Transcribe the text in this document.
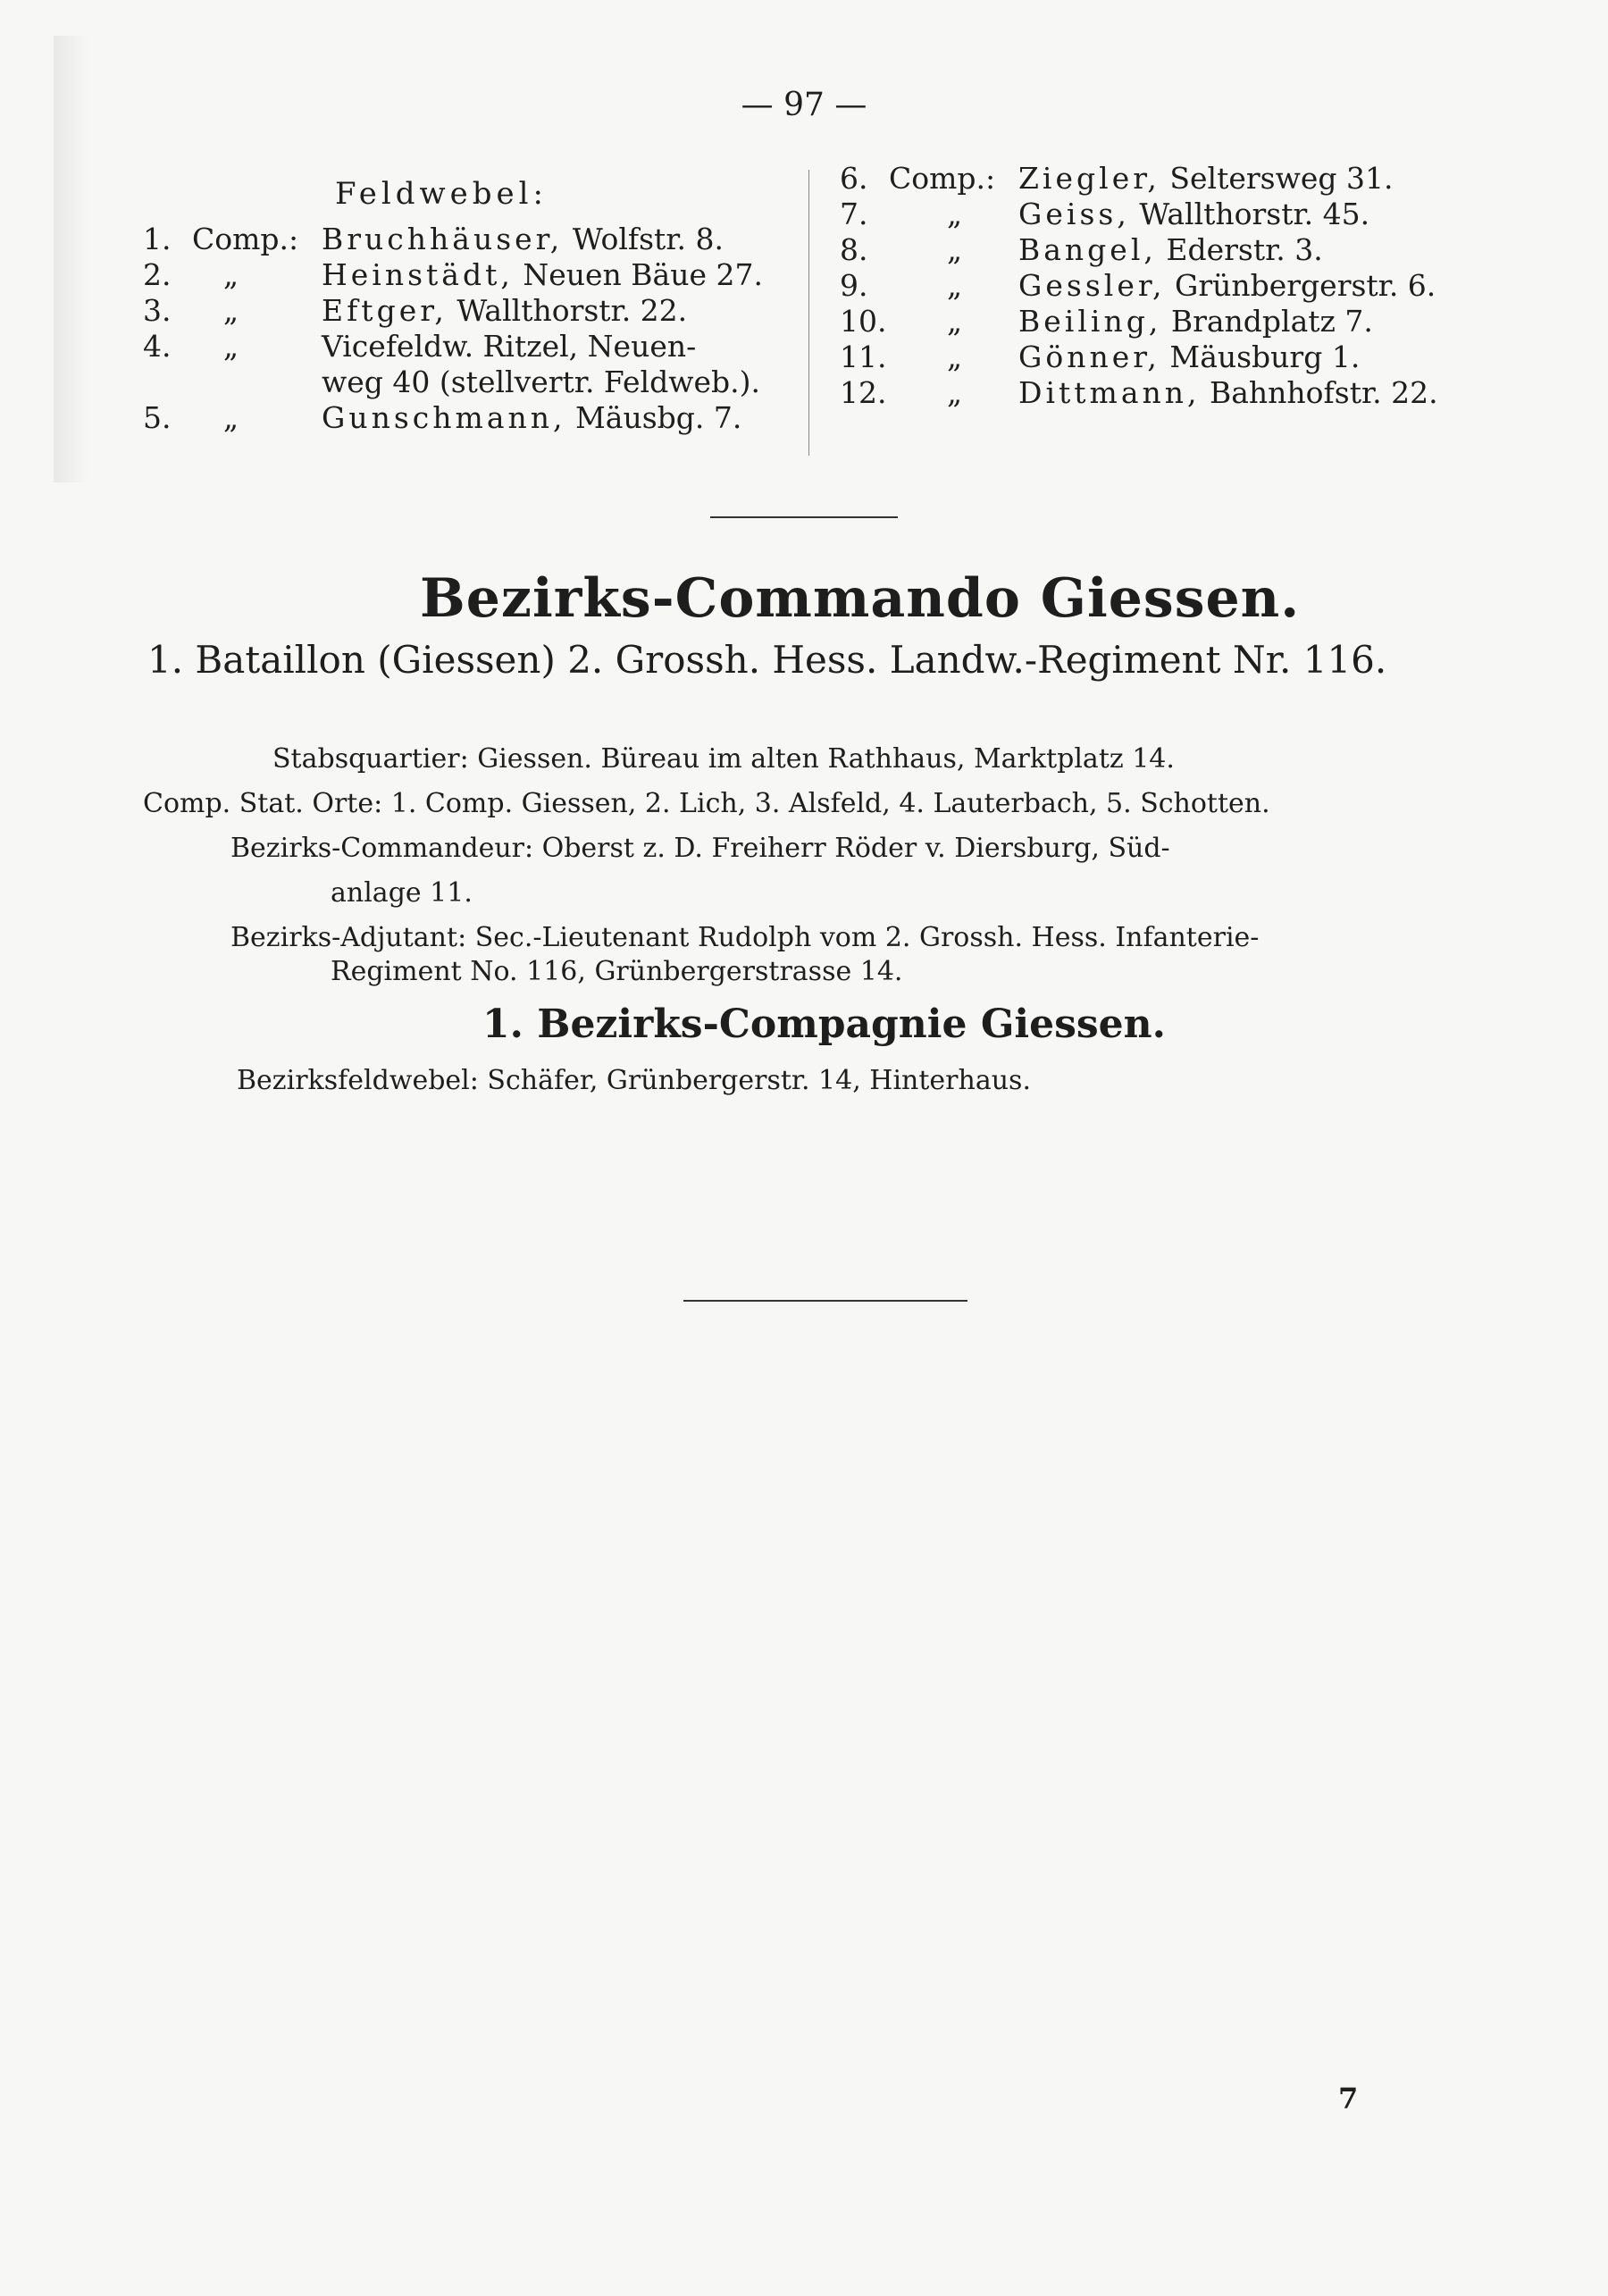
— 97 —
Feldwebel:
1. Comp.: Bruchhäuser, Wolfstr. 8.
2.	„	Heinstädt, Neuen Bäue 27.
3.	„	Eftger, Wallthorstr. 22.
4.	„	Vicefeldw. Ritzel, Neuen-
weg 40 (stellvertr. Feldweb.).
5.	„	Gunschmann, Mäusbg. 7.
6. Comp.: Ziegler, Seltersweg 31.
7.	„ Geiss, Wallthorstr. 45.
8.	„ Bangel, Ederstr. 3.
9.	„ Gessler, Grünbergerstr. 6.
10.	„ Beiling, Brandplatz 7.
11.	„ Gönner, Mäusburg 1.
12.	„ Dittmann, Bahnhofstr. 22.
Bezirks-Commando Giessen.
1. Bataillon (Giessen) 2. Grossh. Hess. Landw.-Regiment Nr. 116.
Stabsquartier: Giessen. Büreau im alten Rathhaus, Marktplatz 14.
Comp. Stat. Orte: 1. Comp. Giessen, 2. Lich, 3. Alsfeld, 4. Lauterbach, 5. Schotten.
Bezirks-Commandeur: Oberst z. D. Freiherr Röder v. Diersburg, Süd-
anlage 11.
Bezirks-Adjutant: Sec.-Lieutenant Rudolph vom 2. Grossh. Hess. Infanterie-
Regiment No. 116, Grünbergerstrasse 14.
1. Bezirks-Compagnie Giessen.
Bezirksfeldwebel: Schäfer, Grünbergerstr. 14, Hinterhaus.
7
